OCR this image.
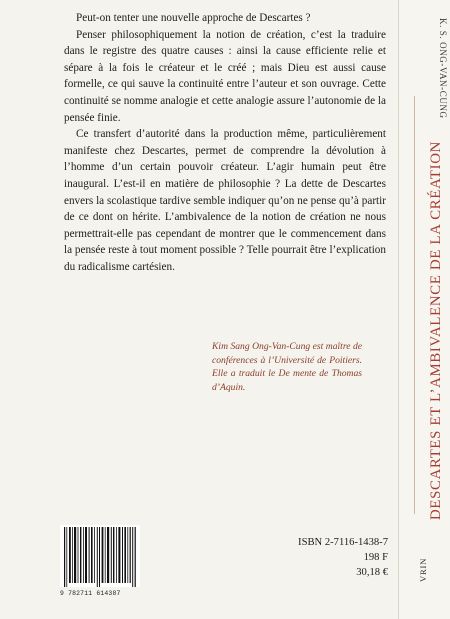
Peut-on tenter une nouvelle approche de Descartes ?

Penser philosophiquement la notion de création, c’est la traduire dans le registre des quatre causes : ainsi la cause efficiente relie et sépare à la fois le créateur et le créé ; mais Dieu est aussi cause formelle, ce qui sauve la continuité entre l’auteur et son ouvrage. Cette continuité se nomme analogie et cette analogie assure l’autonomie de la pensée finie.

Ce transfert d’autorité dans la production même, particulièrement manifeste chez Descartes, permet de comprendre la dévolution à l’homme d’un certain pouvoir créateur. L’agir humain peut être inaugural. L’est-il en matière de philosophie ? La dette de Descartes envers la scolastique tardive semble indiquer qu’on ne pense qu’à partir de ce dont on hérite. L’ambivalence de la notion de création ne nous permettrait-elle pas cependant de montrer que le commencement dans la pensée reste à tout moment possible ? Telle pourrait être l’explication du radicalisme cartésien.

Kim Sang Ong-Van-Cung est maître de conférences à l’Université de Poitiers. Elle a traduit le De mente de Thomas d’Aquin.
9 782711 614387
ISBN 2-7116-1438-7
198 F
30,18 €
K. S. ONG-VAN-CUNG
DESCARTES ET L’AMBIVALENCE DE LA CRÉATION
VRIN
